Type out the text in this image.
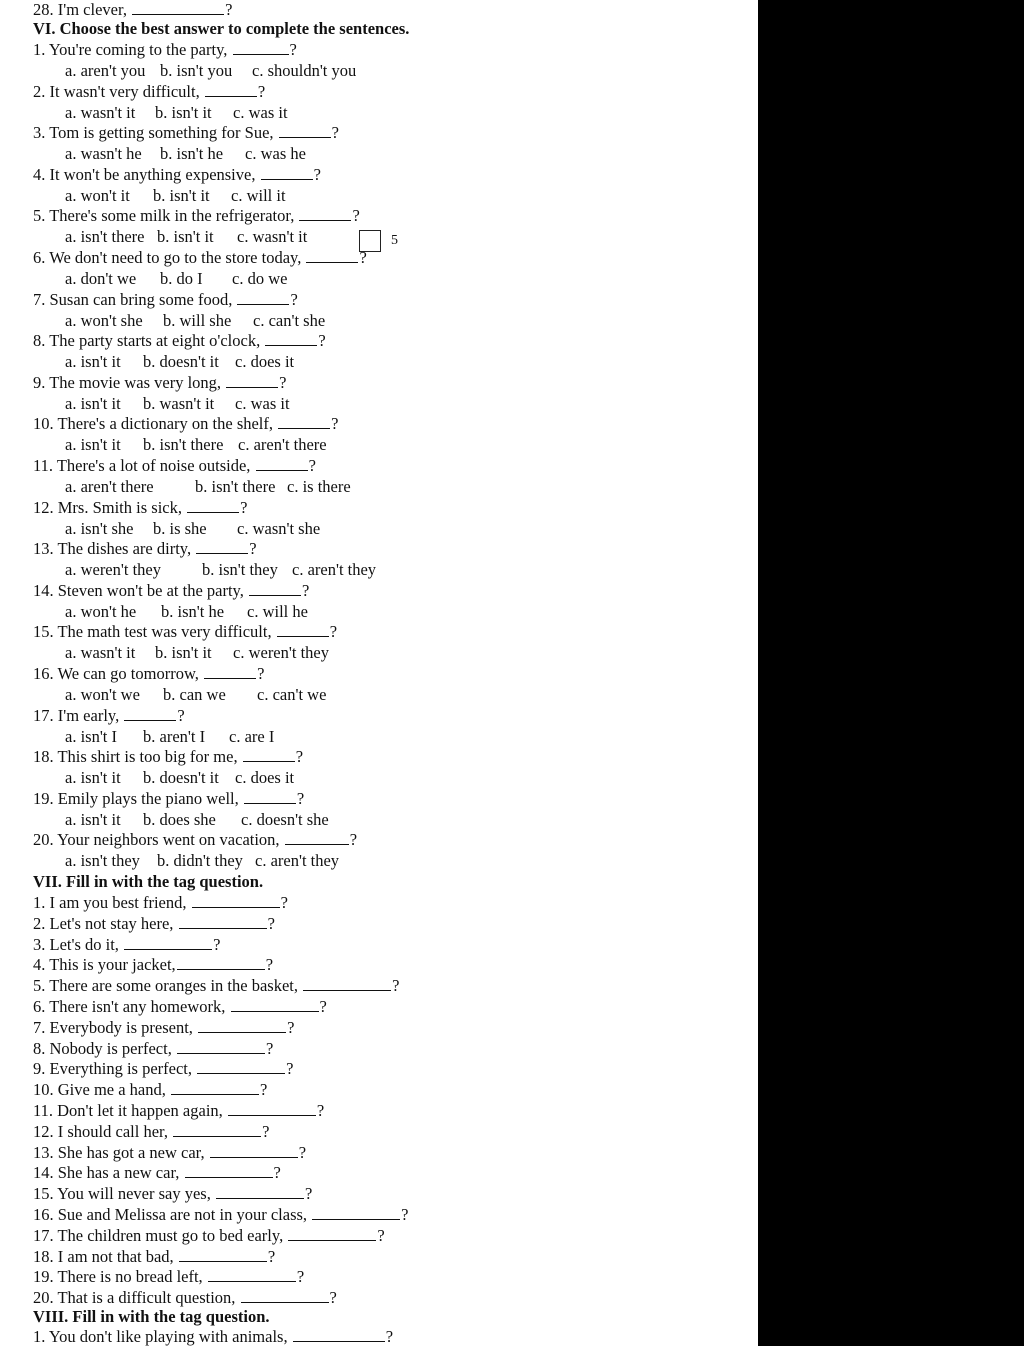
28. I'm clever,	?
VI. Choose the best answer to complete the sentences.
5
VII. Fill in with the tag question.
VIII. Fill in with the tag question.
1. You're coming to the party,	?
a. aren't you b. isn't you c. shouldn't you
2. It wasn't very difficult,	?
a. wasn't it b. isn't it c. was it
3. Tom is getting something for Sue,	?
a. wasn't he b. isn't he c. was he
4. It won't be anything expensive,	?
a. won't it b. isn't it c. will it
5. There's some milk in the refrigerator,	?
a. isn't there b. isn't it c. wasn't it
6. We don't need to go to the store today,	?
a. don't we b. do I c. do we
7. Susan can bring some food,	?
a. won't she b. will she c. can't she
8. The party starts at eight o'clock,	?
a. isn't it b. doesn't it c. does it
9. The movie was very long,	?
a. isn't it b. wasn't it c. was it
10. There's a dictionary on the shelf,	?
a. isn't it b. isn't there c. aren't there
11. There's a lot of noise outside,	?
a. aren't there	b. isn't there c. is there
12. Mrs. Smith is sick,	?
a. isn't she b. is she c. wasn't she
13. The dishes are dirty,	?
a. weren't they b. isn't they c. aren't they
14. Steven won't be at the party,	?
a. won't he b. isn't he c. will he
15. The math test was very difficult,	?
a. wasn't it b. isn't it c. weren't they
16. We can go tomorrow,	?
a. won't we b. can we c. can't we
17. I'm early,	?
a. isn't I b. aren't I c. are I
18. This shirt is too big for me,	?
a. isn't it b. doesn't it c. does it
19. Emily plays the piano well,	?
a. isn't it b. does she c. doesn't she
20. Your neighbors went on vacation,	?
a. isn't they b. didn't they c. aren't they
1. I am you best friend,	?
2. Let's not stay here,	?
3. Let's do it,	?
4. This is your jacket,	?
5. There are some oranges in the basket,	?
6. There isn't any homework,	?
7. Everybody is present,	?
8. Nobody is perfect,	?
9. Everything is perfect,	?
10. Give me a hand,	?
11. Don't let it happen again,	?
12. I should call her,	?
13. She has got a new car,	?
14. She has a new car,	?
15. You will never say yes,	?
16. Sue and Melissa are not in your class,	?
17. The children must go to bed early,	?
18. I am not that bad,	?
19. There is no bread left,	?
20. That is a difficult question,	?
1. You don't like playing with animals,	?
